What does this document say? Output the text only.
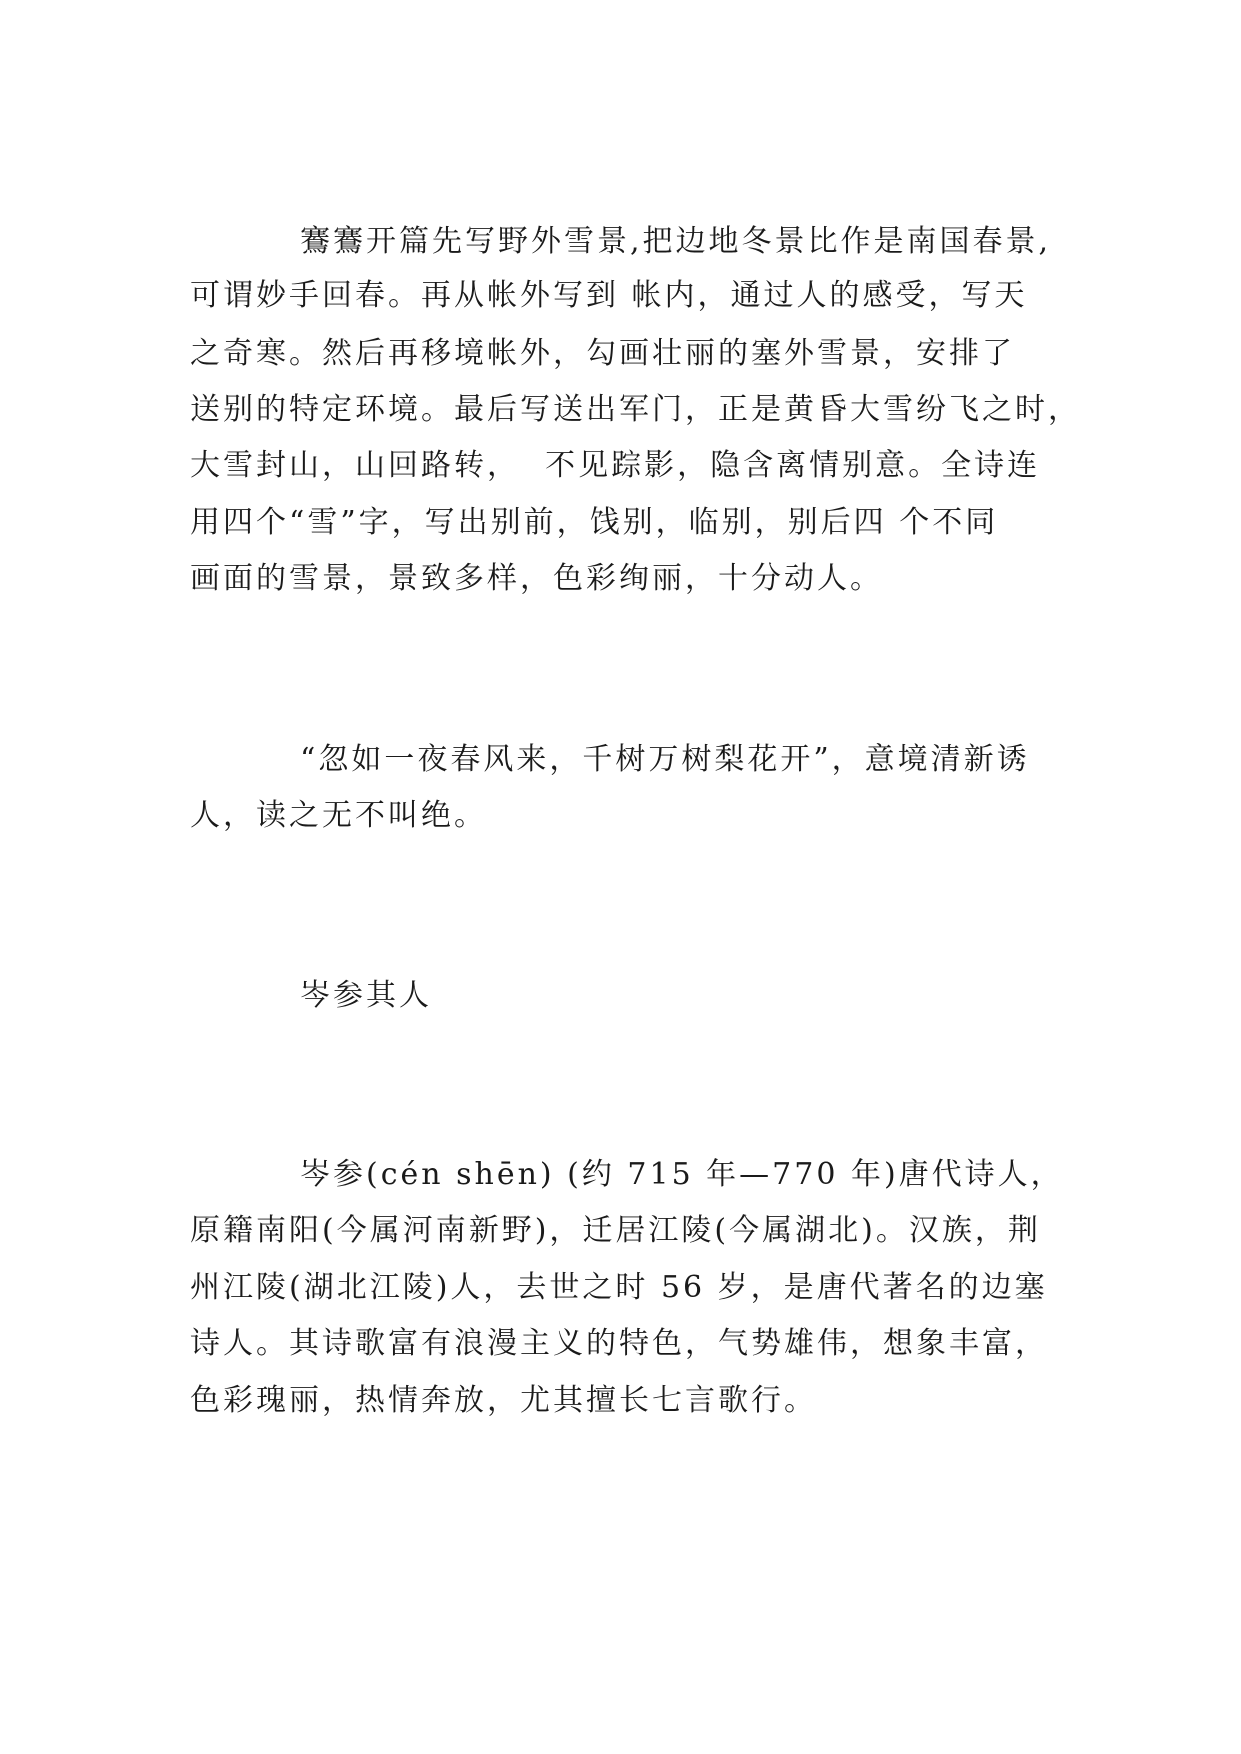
鶱鶱开篇先写野外雪景,把边地冬景比作是南国春景,
可谓妙手回春。再从帐外写到 帐内，通过人的感受，写天
之奇寒。然后再移境帐外，勾画壮丽的塞外雪景，安排了
送别的特定环境。最后写送出军门，正是黄昏大雪纷飞之时，
大雪封山，山回路转，  不见踪影，隐含离情别意。全诗连
用四个“雪”字，写出别前，饯别，临别，别后四 个不同
画面的雪景，景致多样，色彩绚丽，十分动人。
“忽如一夜春风来，千树万树梨花开”，意境清新诱
人，读之无不叫绝。
岑参其人
岑参(cén shēn) (约 715 年—770 年)唐代诗人，
原籍南阳(今属河南新野)，迁居江陵(今属湖北)。汉族，荆
州江陵(湖北江陵)人，去世之时 56 岁，是唐代著名的边塞
诗人。其诗歌富有浪漫主义的特色，气势雄伟，想象丰富，
色彩瑰丽，热情奔放，尤其擅长七言歌行。
